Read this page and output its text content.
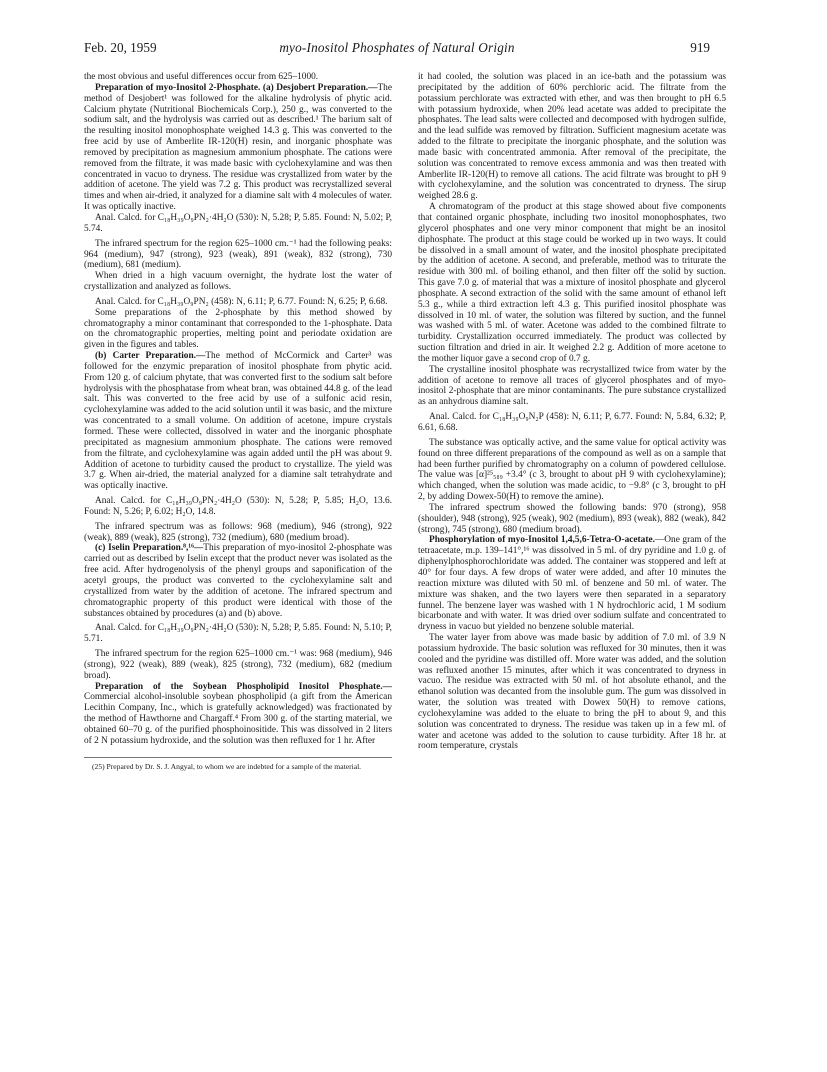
Feb. 20, 1959	myo-Inositol Phosphates of Natural Origin	919

the most obvious and useful differences occur from 625–1000.

Preparation of myo-Inositol 2-Phosphate. (a) Desjobert Preparation.—The method of Desjobert¹ was followed for the alkaline hydrolysis of phytic acid. Calcium phytate (Nutritional Biochemicals Corp.), 250 g., was converted to the sodium salt, and the hydrolysis was carried out as described.¹ The barium salt of the resulting inositol monophosphate weighed 14.3 g. This was converted to the free acid by use of Amberlite IR-120(H) resin, and inorganic phosphate was removed by precipitation as magnesium ammonium phosphate. The cations were removed from the filtrate, it was made basic with cyclohexylamine and was then concentrated in vacuo to dryness. The residue was crystallized from water by the addition of acetone. The yield was 7.2 g. This product was recrystallized several times and when air-dried, it analyzed for a diamine salt with 4 molecules of water. It was optically inactive.

Anal. Calcd. for C₁₈H₃₉O₉PN₂·4H₂O (530): N, 5.28; P, 5.85. Found: N, 5.02; P, 5.74.

The infrared spectrum for the region 625–1000 cm.⁻¹ had the following peaks: 964 (medium), 947 (strong), 923 (weak), 891 (weak), 832 (strong), 730 (medium), 681 (medium).

When dried in a high vacuum overnight, the hydrate lost the water of crystallization and analyzed as follows.

Anal. Calcd. for C₁₈H₃₉O₉PN₂ (458): N, 6.11; P, 6.77. Found: N, 6.25; P, 6.68.

Some preparations of the 2-phosphate by this method showed by chromatography a minor contaminant that corresponded to the 1-phosphate. Data on the chromatographic properties, melting point and periodate oxidation are given in the figures and tables.

(b) Carter Preparation.—The method of McCormick and Carter³ was followed for the enzymic preparation of inositol phosphate from phytic acid. From 120 g. of calcium phytate, that was converted first to the sodium salt before hydrolysis with the phosphatase from wheat bran, was obtained 44.8 g. of the lead salt. This was converted to the free acid by use of a sulfonic acid resin, cyclohexylamine was added to the acid solution until it was basic, and the mixture was concentrated to a small volume. On addition of acetone, impure crystals formed. These were collected, dissolved in water and the inorganic phosphate precipitated as magnesium ammonium phosphate. The cations were removed from the filtrate, and cyclohexylamine was again added until the pH was about 9. Addition of acetone to turbidity caused the product to crystallize. The yield was 3.7 g. When air-dried, the material analyzed for a diamine salt tetrahydrate and was optically inactive.

Anal. Calcd. for C₁₈H₃₉O₉PN₂·4H₂O (530): N, 5.28; P, 5.85; H₂O, 13.6. Found: N, 5.26; P, 6.02; H₂O, 14.8.

The infrared spectrum was as follows: 968 (medium), 946 (strong), 922 (weak), 889 (weak), 825 (strong), 732 (medium), 680 (medium broad).

(c) Iselin Preparation.⁸,¹⁶—This preparation of myo-inositol 2-phosphate was carried out as described by Iselin except that the product never was isolated as the free acid. After hydrogenolysis of the phenyl groups and saponification of the acetyl groups, the product was converted to the cyclohexylamine salt and crystallized from water by the addition of acetone. The infrared spectrum and chromatographic property of this product were identical with those of the substances obtained by procedures (a) and (b) above.

Anal. Calcd. for C₁₈H₃₉O₉PN₂·4H₂O (530): N, 5.28; P, 5.85. Found: N, 5.10; P, 5.71.

The infrared spectrum for the region 625–1000 cm.⁻¹ was: 968 (medium), 946 (strong), 922 (weak), 889 (weak), 825 (strong), 732 (medium), 682 (medium broad).

Preparation of the Soybean Phospholipid Inositol Phosphate.—Commercial alcohol-insoluble soybean phospholipid (a gift from the American Lecithin Company, Inc., which is gratefully acknowledged) was fractionated by the method of Hawthorne and Chargaff.⁴ From 300 g. of the starting material, we obtained 60–70 g. of the purified phosphoinositide. This was dissolved in 2 liters of 2 N potassium hydroxide, and the solution was then refluxed for 1 hr. After

(25) Prepared by Dr. S. J. Angyal, to whom we are indebted for a sample of the material.

it had cooled, the solution was placed in an ice-bath and the potassium was precipitated by the addition of 60% perchloric acid. The filtrate from the potassium perchlorate was extracted with ether, and was then brought to pH 6.5 with potassium hydroxide, when 20% lead acetate was added to precipitate the phosphates. The lead salts were collected and decomposed with hydrogen sulfide, and the lead sulfide was removed by filtration. Sufficient magnesium acetate was added to the filtrate to precipitate the inorganic phosphate, and the solution was made basic with concentrated ammonia. After removal of the precipitate, the solution was concentrated to remove excess ammonia and was then treated with Amberlite IR-120(H) to remove all cations. The acid filtrate was brought to pH 9 with cyclohexylamine, and the solution was concentrated to dryness. The sirup weighed 28.6 g.

A chromatogram of the product at this stage showed about five components that contained organic phosphate, including two inositol monophosphates, two glycerol phosphates and one very minor component that might be an inositol diphosphate. The product at this stage could be worked up in two ways. It could be dissolved in a small amount of water, and the inositol phosphate precipitated by the addition of acetone. A second, and preferable, method was to triturate the residue with 300 ml. of boiling ethanol, and then filter off the solid by suction. This gave 7.0 g. of material that was a mixture of inositol phosphate and glycerol phosphate. A second extraction of the solid with the same amount of ethanol left 5.3 g., while a third extraction left 4.3 g. This purified inositol phosphate was dissolved in 10 ml. of water, the solution was filtered by suction, and the funnel was washed with 5 ml. of water. Acetone was added to the combined filtrate to turbidity. Crystallization occurred immediately. The product was collected by suction filtration and dried in air. It weighed 2.2 g. Addition of more acetone to the mother liquor gave a second crop of 0.7 g.

The crystalline inositol phosphate was recrystallized twice from water by the addition of acetone to remove all traces of glycerol phosphates and of myo-inositol 2-phosphate that are minor contaminants. The pure substance crystallized as an anhydrous diamine salt.

Anal. Calcd. for C₁₈H₃₉O₉N₂P (458): N, 6.11; P, 6.77. Found: N, 5.84, 6.32; P, 6.61, 6.68.

The substance was optically active, and the same value for optical activity was found on three different preparations of the compound as well as on a sample that had been further purified by chromatography on a column of powdered cellulose. The value was [α]²⁵₅₈₉ +3.4° (c 3, brought to about pH 9 with cyclohexylamine); which changed, when the solution was made acidic, to −9.8° (c 3, brought to pH 2, by adding Dowex-50(H) to remove the amine).

The infrared spectrum showed the following bands: 970 (strong), 958 (shoulder), 948 (strong), 925 (weak), 902 (medium), 893 (weak), 882 (weak), 842 (strong), 745 (strong), 680 (medium broad).

Phosphorylation of myo-Inositol 1,4,5,6-Tetra-O-acetate.—One gram of the tetraacetate, m.p. 139–141°,¹⁶ was dissolved in 5 ml. of dry pyridine and 1.0 g. of diphenylphosphorochloridate was added. The container was stoppered and left at 40° for four days. A few drops of water were added, and after 10 minutes the reaction mixture was diluted with 50 ml. of benzene and 50 ml. of water. The mixture was shaken, and the two layers were then separated in a separatory funnel. The benzene layer was washed with 1 N hydrochloric acid, 1 M sodium bicarbonate and with water. It was dried over sodium sulfate and concentrated to dryness in vacuo but yielded no benzene soluble material.

The water layer from above was made basic by addition of 7.0 ml. of 3.9 N potassium hydroxide. The basic solution was refluxed for 30 minutes, then it was cooled and the pyridine was distilled off. More water was added, and the solution was refluxed another 15 minutes, after which it was concentrated to dryness in vacuo. The residue was extracted with 50 ml. of hot absolute ethanol, and the ethanol solution was decanted from the insoluble gum. The gum was dissolved in water, the solution was treated with Dowex 50(H) to remove cations, cyclohexylamine was added to the eluate to bring the pH to about 9, and this solution was concentrated to dryness. The residue was taken up in a few ml. of water and acetone was added to the solution to cause turbidity. After 18 hr. at room temperature, crystals
